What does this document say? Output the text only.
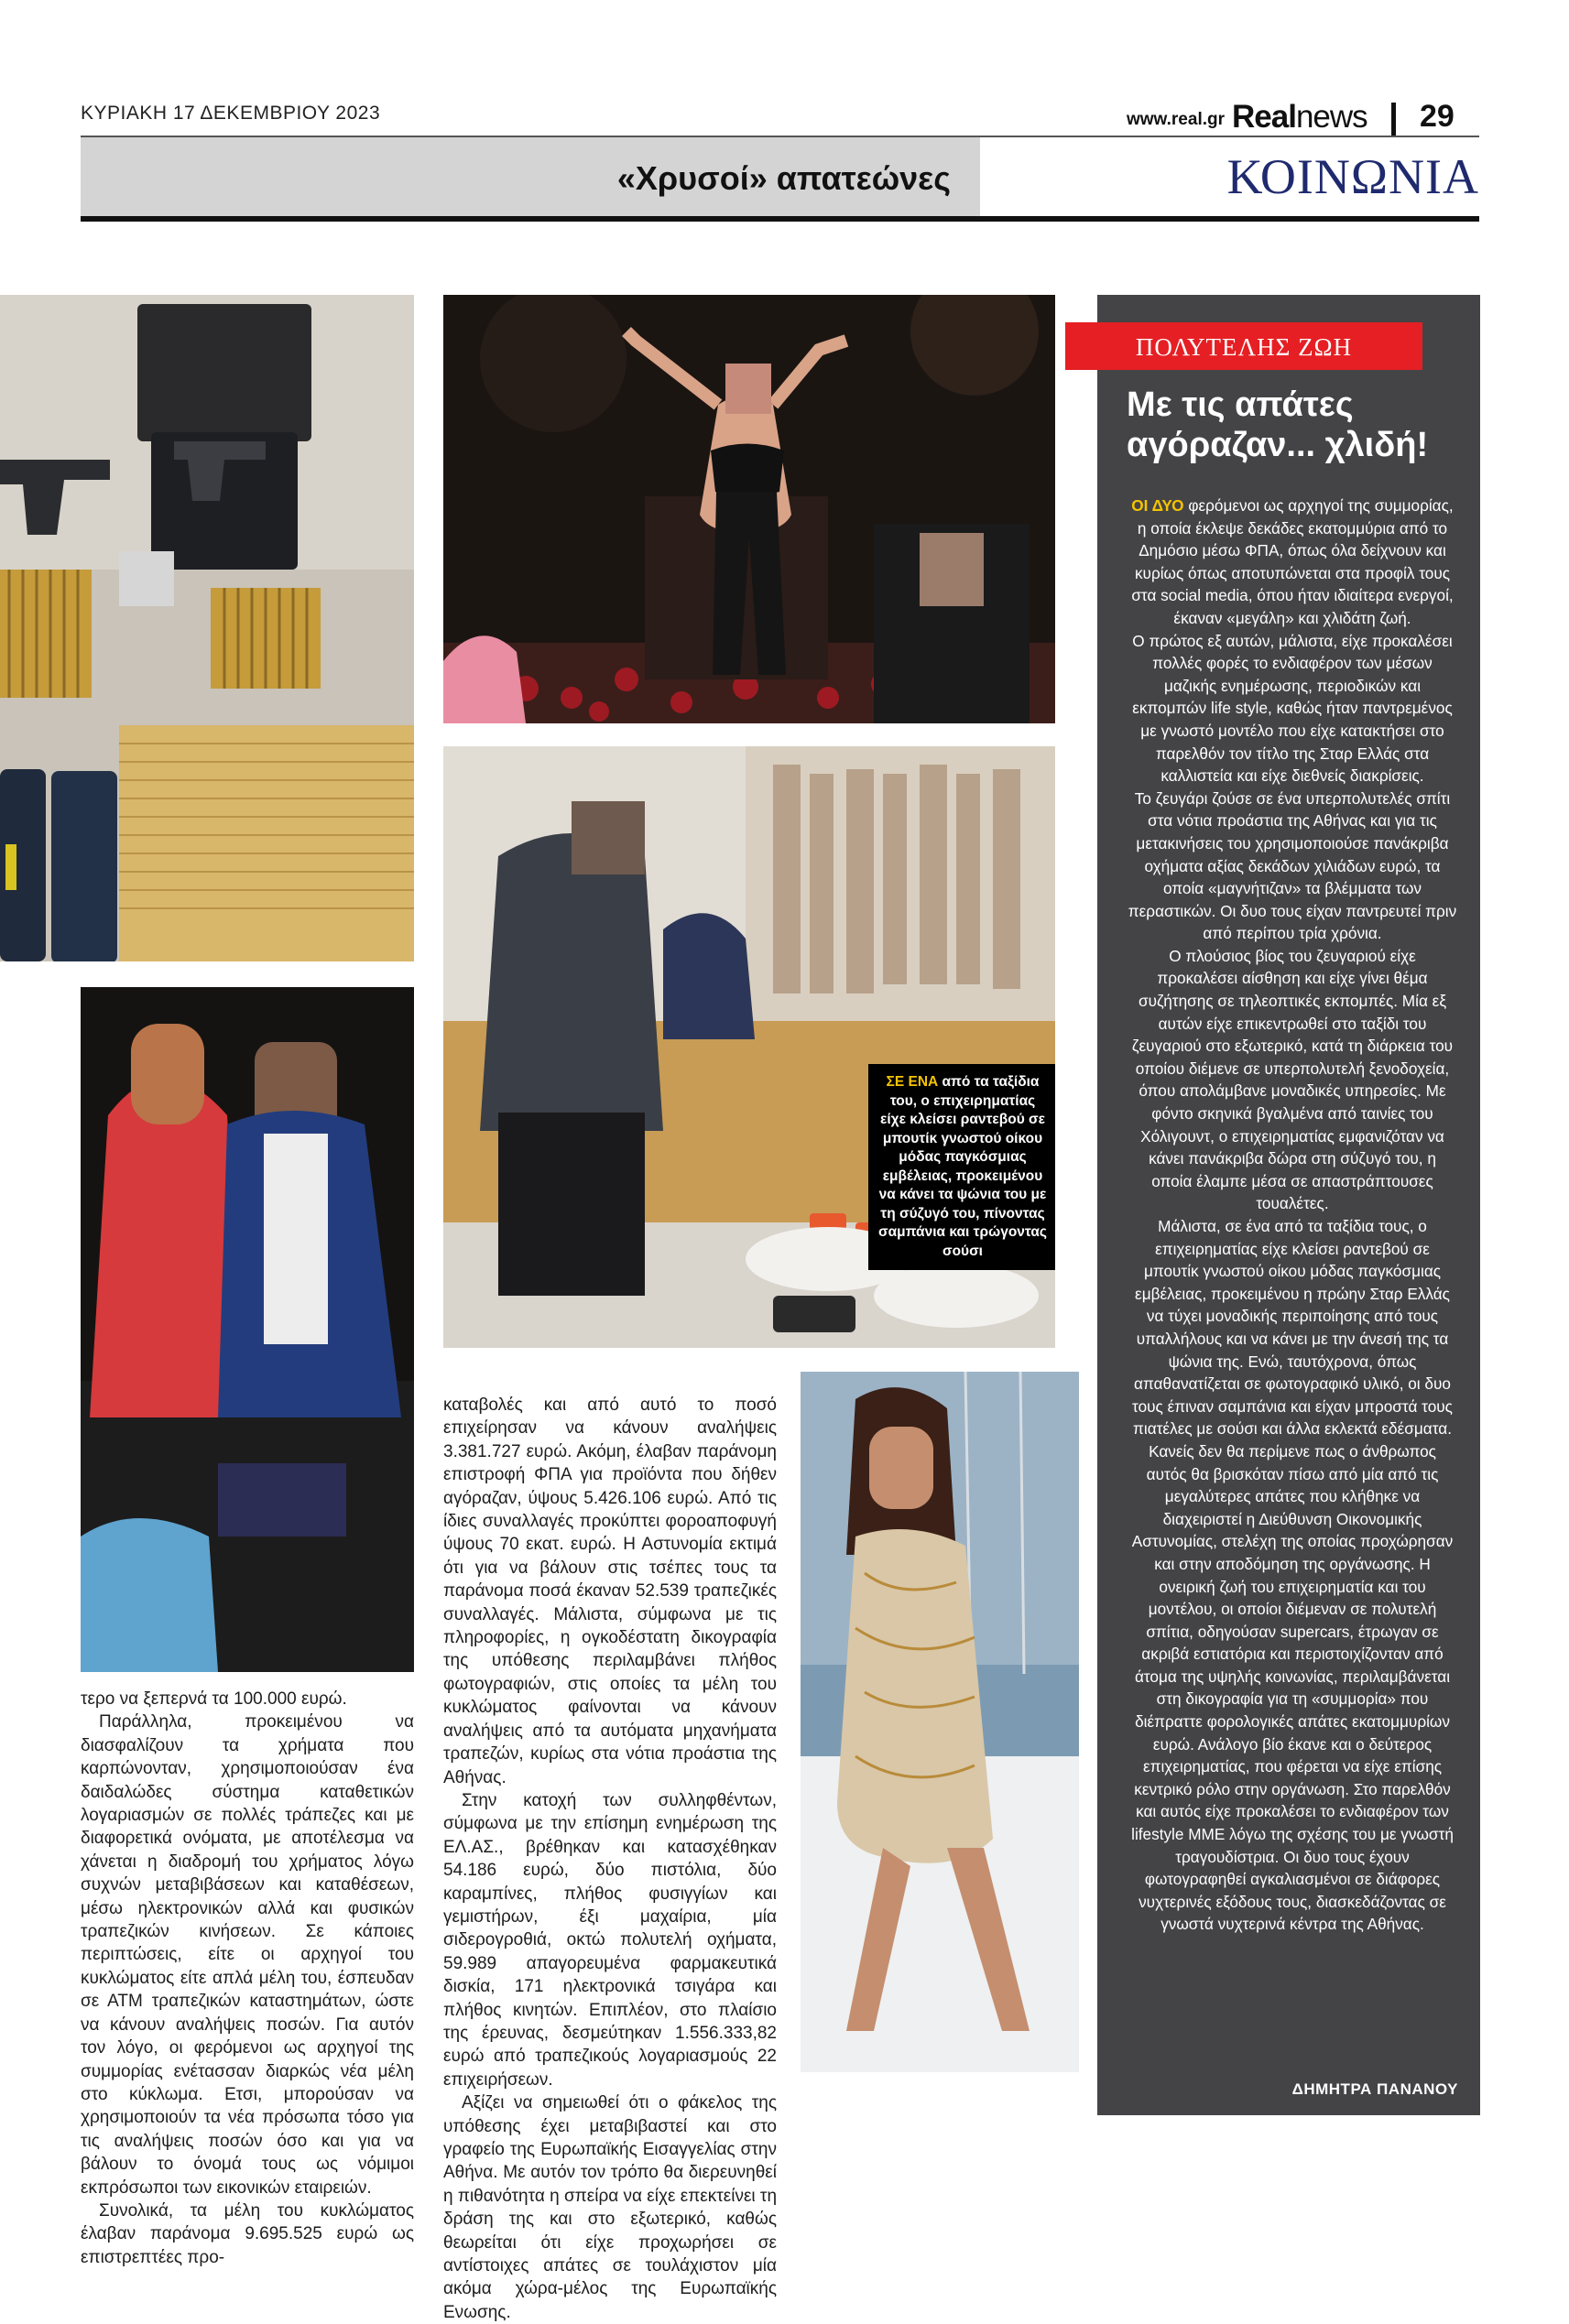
ΚΥΡΙΑΚΗ 17 ΔΕΚΕΜΒΡΙΟΥ 2023	www.real.gr Realnews 29
«Χρυσοί» απατεώνες	ΚΟΙΝΩΝΙΑ
ΣΕ ΕΝΑ από τα ταξίδια του, ο επιχειρηματίας είχε κλείσει ραντεβού σε μπουτίκ γνωστού οίκου μόδας παγκόσμιας εμβέλειας, προκειμένου να κάνει τα ψώνια του με τη σύζυγό του, πίνοντας σαμπάνια και τρώγοντας σούσι

τερο να ξεπερνά τα 100.000 ευρώ.

Παράλληλα, προκειμένου να διασφαλίζουν τα χρήματα που καρπώνονταν, χρησιμοποιούσαν ένα δαιδαλώδες σύστημα καταθετικών λογαριασμών σε πολλές τράπεζες και με διαφορετικά ονόματα, με αποτέλεσμα να χάνεται η διαδρομή του χρήματος λόγω συχνών μεταβιβάσεων και καταθέσεων, μέσω ηλεκτρονικών αλλά και φυσικών τραπεζικών κινήσεων. Σε κάποιες περιπτώσεις, είτε οι αρχηγοί του κυκλώματος είτε απλά μέλη του, έσπευδαν σε ΑΤΜ τραπεζικών καταστημάτων, ώστε να κάνουν αναλήψεις ποσών. Για αυτόν τον λόγο, οι φερόμενοι ως αρχηγοί της συμμορίας ενέτασσαν διαρκώς νέα μέλη στο κύκλωμα. Ετσι, μπορούσαν να χρησιμοποιούν τα νέα πρόσωπα τόσο για τις αναλήψεις ποσών όσο και για να βάλουν το όνομά τους ως νόμιμοι εκπρόσωποι των εικονικών εταιρειών.

Συνολικά, τα μέλη του κυκλώματος έλαβαν παράνομα 9.695.525 ευρώ ως επιστρεπτέες προ-

καταβολές και από αυτό το ποσό επιχείρησαν να κάνουν αναλήψεις 3.381.727 ευρώ. Ακόμη, έλαβαν παράνομη επιστροφή ΦΠΑ για προϊόντα που δήθεν αγόραζαν, ύψους 5.426.106 ευρώ. Από τις ίδιες συναλλαγές προκύπτει φοροαποφυγή ύψους 70 εκατ. ευρώ. Η Αστυνομία εκτιμά ότι για να βάλουν στις τσέπες τους τα παράνομα ποσά έκαναν 52.539 τραπεζικές συναλλαγές. Μάλιστα, σύμφωνα με τις πληροφορίες, η ογκοδέστατη δικογραφία της υπόθεσης περιλαμβάνει πλήθος φωτογραφιών, στις οποίες τα μέλη του κυκλώματος φαίνονται να κάνουν αναλήψεις από τα αυτόματα μηχανήματα τραπεζών, κυρίως στα νότια προάστια της Αθήνας.

Στην κατοχή των συλληφθέντων, σύμφωνα με την επίσημη ενημέρωση της ΕΛ.ΑΣ., βρέθηκαν και κατασχέθηκαν 54.186 ευρώ, δύο πιστόλια, δύο καραμπίνες, πλήθος φυσιγγίων και γεμιστήρων, έξι μαχαίρια, μία σιδερογροθιά, οκτώ πολυτελή οχήματα, 59.989 απαγορευμένα φαρμακευτικά δισκία, 171 ηλεκτρονικά τσιγάρα και πλήθος κινητών. Επιπλέον, στο πλαίσιο της έρευνας, δεσμεύτηκαν 1.556.333,82 ευρώ από τραπεζικούς λογαριασμούς 22 επιχειρήσεων.

Αξίζει να σημειωθεί ότι ο φάκελος της υπόθεσης έχει μεταβιβαστεί και στο γραφείο της Ευρωπαϊκής Εισαγγελίας στην Αθήνα. Με αυτόν τον τρόπο θα διερευνηθεί η πιθανότητα η σπείρα να είχε επεκτείνει τη δράση της και στο εξωτερικό, καθώς θεωρείται ότι είχε προχωρήσει σε αντίστοιχες απάτες σε τουλάχιστον μία ακόμα χώρα-μέλος της Ευρωπαϊκής Ενωσης.

ΠΟΛΥΤΕΛΗΣ ΖΩΗ
Με τις απάτες αγόραζαν... χλιδή!

ΟΙ ΔΥΟ φερόμενοι ως αρχηγοί της συμμορίας, η οποία έκλεψε δεκάδες εκατομμύρια από το Δημόσιο μέσω ΦΠΑ, όπως όλα δείχνουν και κυρίως όπως αποτυπώνεται στα προφίλ τους στα social media, όπου ήταν ιδιαίτερα ενεργοί, έκαναν «μεγάλη» και χλιδάτη ζωή.

Ο πρώτος εξ αυτών, μάλιστα, είχε προκαλέσει πολλές φορές το ενδιαφέρον των μέσων μαζικής ενημέρωσης, περιοδικών και εκπομπών life style, καθώς ήταν παντρεμένος με γνωστό μοντέλο που είχε κατακτήσει στο παρελθόν τον τίτλο της Σταρ Ελλάς στα καλλιστεία και είχε διεθνείς διακρίσεις.

Το ζευγάρι ζούσε σε ένα υπερπολυτελές σπίτι στα νότια προάστια της Αθήνας και για τις μετακινήσεις του χρησιμοποιούσε πανάκριβα οχήματα αξίας δεκάδων χιλιάδων ευρώ, τα οποία «μαγνήτιζαν» τα βλέμματα των περαστικών. Οι δυο τους είχαν παντρευτεί πριν από περίπου τρία χρόνια.

Ο πλούσιος βίος του ζευγαριού είχε προκαλέσει αίσθηση και είχε γίνει θέμα συζήτησης σε τηλεοπτικές εκπομπές. Μία εξ αυτών είχε επικεντρωθεί στο ταξίδι του ζευγαριού στο εξωτερικό, κατά τη διάρκεια του οποίου διέμενε σε υπερπολυτελή ξενοδοχεία, όπου απολάμβανε μοναδικές υπηρεσίες. Με φόντο σκηνικά βγαλμένα από ταινίες του Χόλιγουντ, ο επιχειρηματίας εμφανιζόταν να κάνει πανάκριβα δώρα στη σύζυγό του, η οποία έλαμπε μέσα σε απαστράπτουσες τουαλέτες.

Μάλιστα, σε ένα από τα ταξίδια τους, ο επιχειρηματίας είχε κλείσει ραντεβού σε μπουτίκ γνωστού οίκου μόδας παγκόσμιας εμβέλειας, προκειμένου η πρώην Σταρ Ελλάς να τύχει μοναδικής περιποίησης από τους υπαλλήλους και να κάνει με την άνεσή της τα ψώνια της. Ενώ, ταυτόχρονα, όπως απαθανατίζεται σε φωτογραφικό υλικό, οι δυο τους έπιναν σαμπάνια και είχαν μπροστά τους πιατέλες με σούσι και άλλα εκλεκτά εδέσματα. Κανείς δεν θα περίμενε πως ο άνθρωπος αυτός θα βρισκόταν πίσω από μία από τις μεγαλύτερες απάτες που κλήθηκε να διαχειριστεί η Διεύθυνση Οικονομικής Αστυνομίας, στελέχη της οποίας προχώρησαν και στην αποδόμηση της οργάνωσης. Η ονειρική ζωή του επιχειρηματία και του μοντέλου, οι οποίοι διέμεναν σε πολυτελή σπίτια, οδηγούσαν supercars, έτρωγαν σε ακριβά εστιατόρια και περιστοιχίζονταν από άτομα της υψηλής κοινωνίας, περιλαμβάνεται στη δικογραφία για τη «συμμορία» που διέπραττε φορολογικές απάτες εκατομμυρίων ευρώ. Ανάλογο βίο έκανε και ο δεύτερος επιχειρηματίας, που φέρεται να είχε επίσης κεντρικό ρόλο στην οργάνωση. Στο παρελθόν και αυτός είχε προκαλέσει το ενδιαφέρον των lifestyle ΜΜΕ λόγω της σχέσης του με γνωστή τραγουδίστρια. Οι δυο τους έχουν φωτογραφηθεί αγκαλιασμένοι σε διάφορες νυχτερινές εξόδους τους, διασκεδάζοντας σε γνωστά νυχτερινά κέντρα της Αθήνας.

ΔΗΜΗΤΡΑ ΠΑΝΑΝΟΥ
